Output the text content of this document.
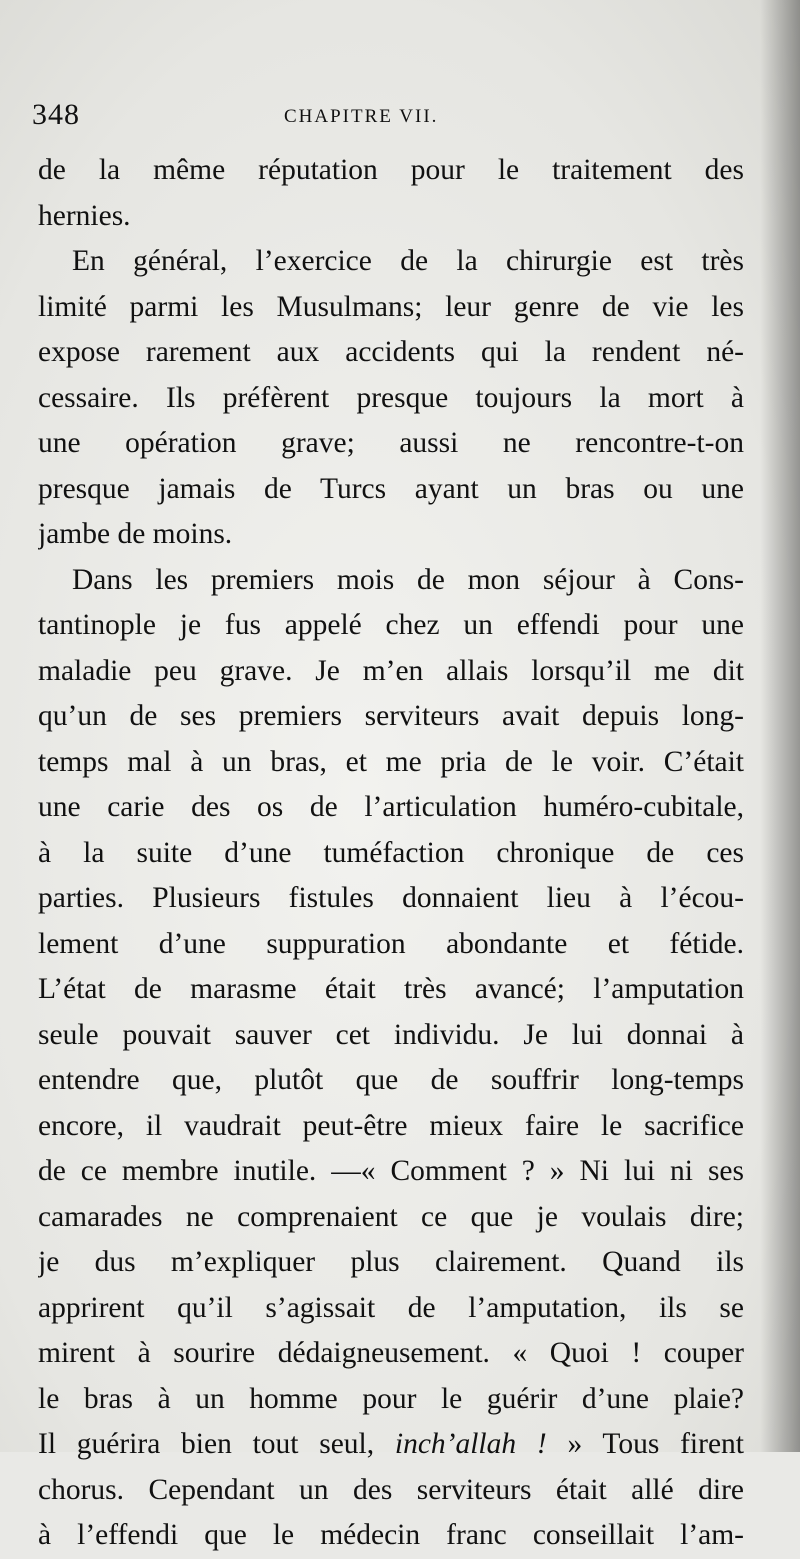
348	CHAPITRE VII.
de la même réputation pour le traitement des
hernies.
En général, l’exercice de la chirurgie est très
limité parmi les Musulmans; leur genre de vie les
expose rarement aux accidents qui la rendent né-
cessaire. Ils préfèrent presque toujours la mort à
une opération grave; aussi ne rencontre-t-on
presque jamais de Turcs ayant un bras ou une
jambe de moins.
Dans les premiers mois de mon séjour à Cons-
tantinople je fus appelé chez un effendi pour une
maladie peu grave. Je m’en allais lorsqu’il me dit
qu’un de ses premiers serviteurs avait depuis long-
temps mal à un bras, et me pria de le voir. C’était
une carie des os de l’articulation huméro-cubitale,
à la suite d’une tuméfaction chronique de ces
parties. Plusieurs fistules donnaient lieu à l’écou-
lement d’une suppuration abondante et fétide.
L’état de marasme était très avancé; l’amputation
seule pouvait sauver cet individu. Je lui donnai à
entendre que, plutôt que de souffrir long-temps
encore, il vaudrait peut-être mieux faire le sacrifice
de ce membre inutile. —« Comment ? » Ni lui ni ses
camarades ne comprenaient ce que je voulais dire;
je dus m’expliquer plus clairement. Quand ils
apprirent qu’il s’agissait de l’amputation, ils se
mirent à sourire dédaigneusement. « Quoi ! couper
le bras à un homme pour le guérir d’une plaie?
Il guérira bien tout seul, inch’allah ! » Tous firent
chorus. Cependant un des serviteurs était allé dire
à l’effendi que le médecin franc conseillait l’am-
